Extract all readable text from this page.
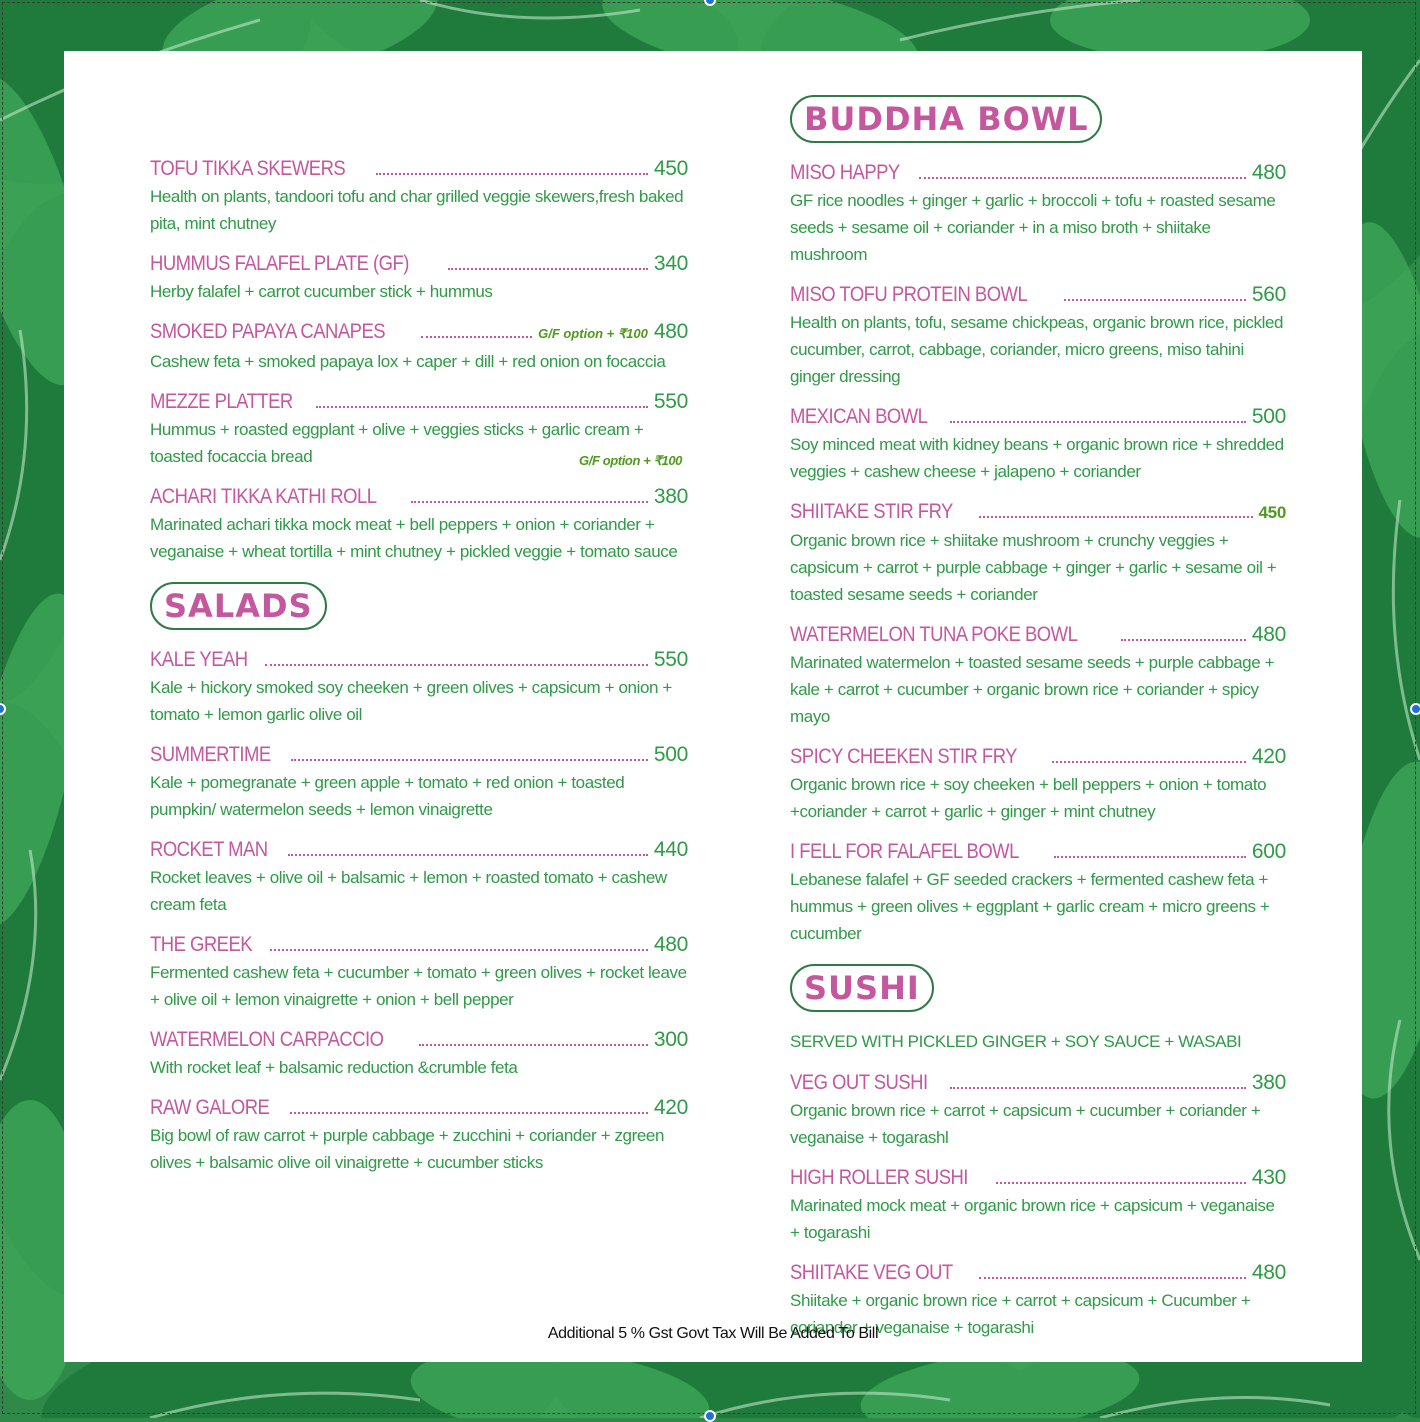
TOFU TIKKA SKEWERS	450
Health on plants, tandoori tofu and char grilled veggie skewers,fresh baked pita, mint chutney
HUMMUS FALAFEL PLATE (GF)	340
Herby falafel + carrot cucumber stick + hummus
SMOKED PAPAYA CANAPES	G/F option + ₹100 480
Cashew feta + smoked papaya lox + caper + dill + red onion on focaccia
MEZZE PLATTER	550
Hummus + roasted eggplant + olive + veggies sticks + garlic cream + toasted focaccia bread	G/F option + ₹100
ACHARI TIKKA KATHI ROLL	380
Marinated achari tikka mock meat + bell peppers + onion + coriander + veganaise + wheat tortilla + mint chutney + pickled veggie + tomato sauce
SALADS
KALE YEAH	550
Kale + hickory smoked soy cheeken + green olives + capsicum + onion + tomato + lemon garlic olive oil
SUMMERTIME	500
Kale + pomegranate + green apple + tomato + red onion + toasted pumpkin/ watermelon seeds + lemon vinaigrette
ROCKET MAN	440
Rocket leaves + olive oil + balsamic + lemon + roasted tomato + cashew cream feta
THE GREEK	480
Fermented cashew feta + cucumber + tomato + green olives + rocket leave + olive oil + lemon vinaigrette + onion + bell pepper
WATERMELON CARPACCIO	300
With rocket leaf + balsamic reduction &crumble feta
RAW GALORE	420
Big bowl of raw carrot + purple cabbage + zucchini + coriander + zgreen olives + balsamic olive oil vinaigrette + cucumber sticks
BUDDHA BOWL
MISO HAPPY	480
GF rice noodles + ginger + garlic + broccoli + tofu + roasted sesame seeds + sesame oil + coriander + in a miso broth + shiitake mushroom
MISO TOFU PROTEIN BOWL	560
Health on plants, tofu, sesame chickpeas, organic brown rice, pickled cucumber, carrot, cabbage, coriander, micro greens, miso tahini ginger dressing
MEXICAN BOWL	500
Soy minced meat with kidney beans + organic brown rice + shredded veggies + cashew cheese + jalapeno + coriander
SHIITAKE STIR FRY	450
Organic brown rice + shiitake mushroom + crunchy veggies + capsicum + carrot + purple cabbage + ginger + garlic + sesame oil + toasted sesame seeds + coriander
WATERMELON TUNA POKE BOWL	480
Marinated watermelon + toasted sesame seeds + purple cabbage + kale + carrot + cucumber + organic brown rice + coriander + spicy mayo
SPICY CHEEKEN STIR FRY	420
Organic brown rice + soy cheeken + bell peppers + onion + tomato +coriander + carrot + garlic + ginger + mint chutney
I FELL FOR FALAFEL BOWL	600
Lebanese falafel + GF seeded crackers + fermented cashew feta + hummus + green olives + eggplant + garlic cream + micro greens + cucumber
SUSHI
SERVED WITH PICKLED GINGER + SOY SAUCE + WASABI
VEG OUT SUSHI	380
Organic brown rice + carrot + capsicum + cucumber + coriander + veganaise + togarashl
HIGH ROLLER SUSHI	430
Marinated mock meat + organic brown rice + capsicum + veganaise + togarashi
SHIITAKE VEG OUT	480
Shiitake + organic brown rice + carrot + capsicum + Cucumber + coriander + veganaise + togarashi
Additional 5 % Gst Govt Tax Will Be Added To Bill
